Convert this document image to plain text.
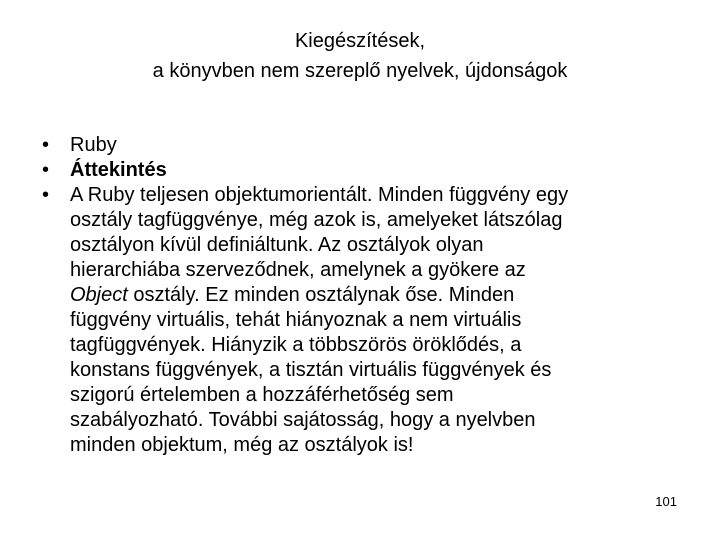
Kiegészítések,
a könyvben nem szereplő nyelvek, újdonságok
• Ruby
• Áttekintés
• A Ruby teljesen objektumorientált. Minden függvény egy
osztály tagfüggvénye, még azok is, amelyeket látszólag
osztályon kívül definiáltunk. Az osztályok olyan
hierarchiába szerveződnek, amelynek a gyökere az
Object osztály. Ez minden osztálynak őse. Minden
függvény virtuális, tehát hiányoznak a nem virtuális
tagfüggvények. Hiányzik a többszörös öröklődés, a
konstans függvények, a tisztán virtuális függvények és
szigorú értelemben a hozzáférhetőség sem
szabályozható. További sajátosság, hogy a nyelvben
minden objektum, még az osztályok is!
101
